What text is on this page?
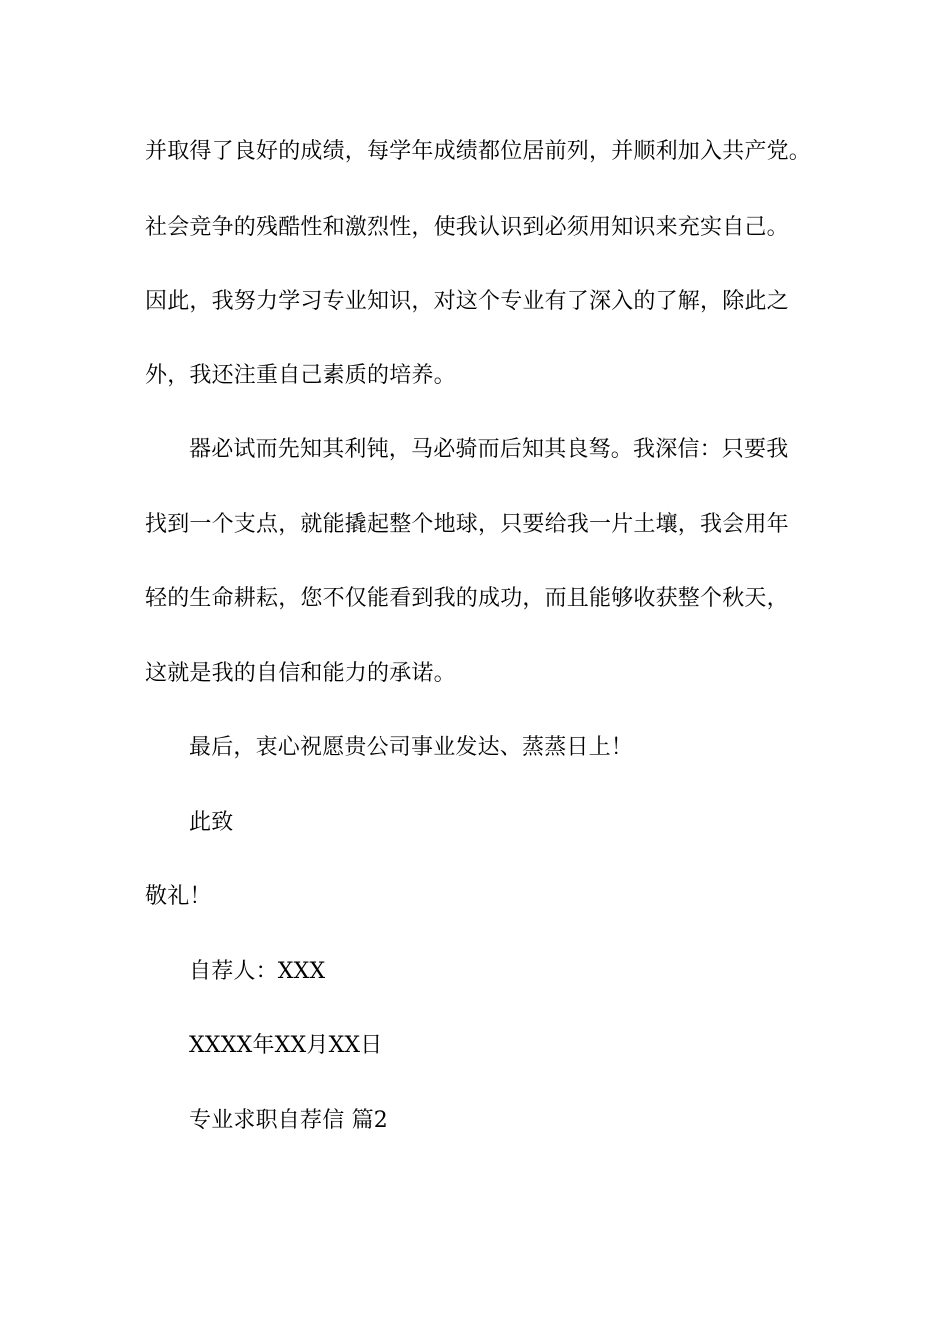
并取得了良好的成绩，每学年成绩都位居前列，并顺利加入共产党。
社会竞争的残酷性和激烈性，使我认识到必须用知识来充实自己。
因此，我努力学习专业知识，对这个专业有了深入的了解，除此之
外，我还注重自己素质的培养。
器必试而先知其利钝，马必骑而后知其良驽。我深信：只要我
找到一个支点，就能撬起整个地球，只要给我一片土壤，我会用年
轻的生命耕耘，您不仅能看到我的成功，而且能够收获整个秋天，
这就是我的自信和能力的承诺。
最后，衷心祝愿贵公司事业发达、蒸蒸日上！
此致
敬礼！
自荐人：XXX
XXXX年XX月XX日
专业求职自荐信 篇2
